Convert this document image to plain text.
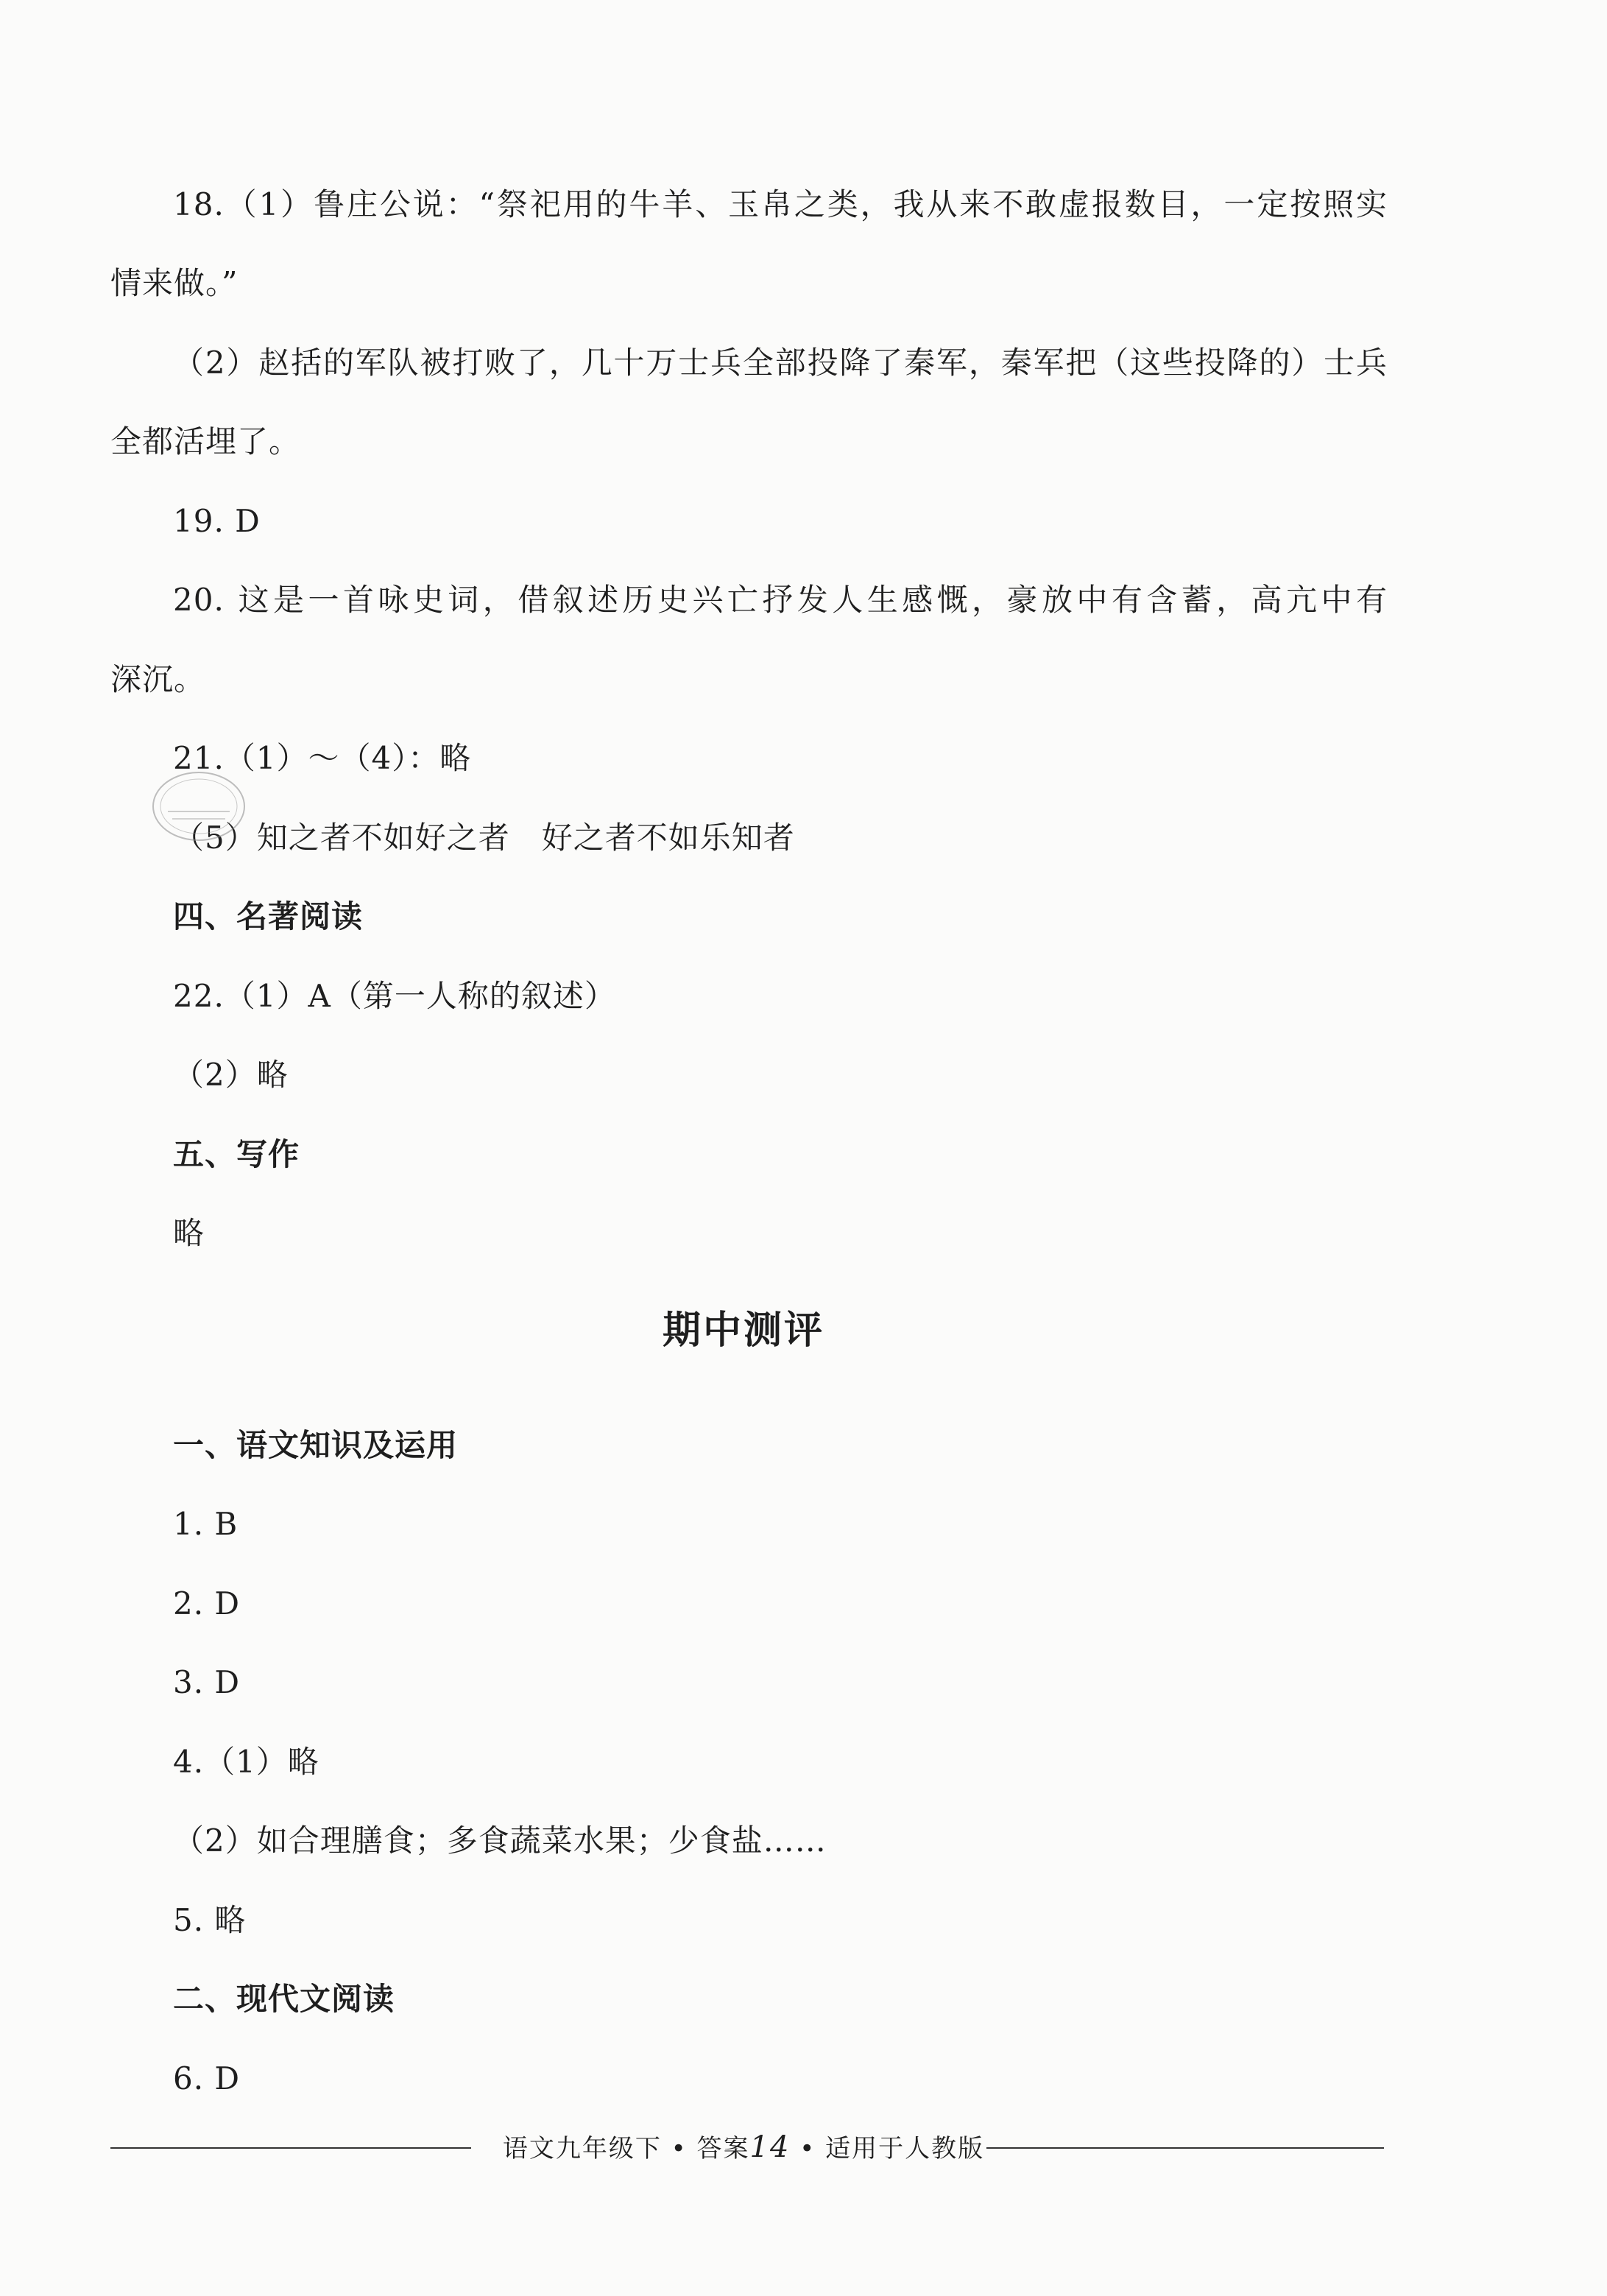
18.（1）鲁庄公说：“祭祀用的牛羊、玉帛之类，我从来不敢虚报数目，一定按照实
情来做。”
（2）赵括的军队被打败了，几十万士兵全部投降了秦军，秦军把（这些投降的）士兵
全都活埋了。
19. D
20. 这是一首咏史词，借叙述历史兴亡抒发人生感慨，豪放中有含蓄，高亢中有
深沉。
21.（1）～（4）：略
（5）知之者不如好之者　好之者不如乐知者
四、名著阅读
22.（1）A（第一人称的叙述）
（2）略
五、写作
略
期中测评
一、语文知识及运用
1. B
2. D
3. D
4.（1）略
（2）如合理膳食；多食蔬菜水果；少食盐……
5. 略
二、现代文阅读
6. D
语文九年级下 • 答案14 • 适用于人教版
